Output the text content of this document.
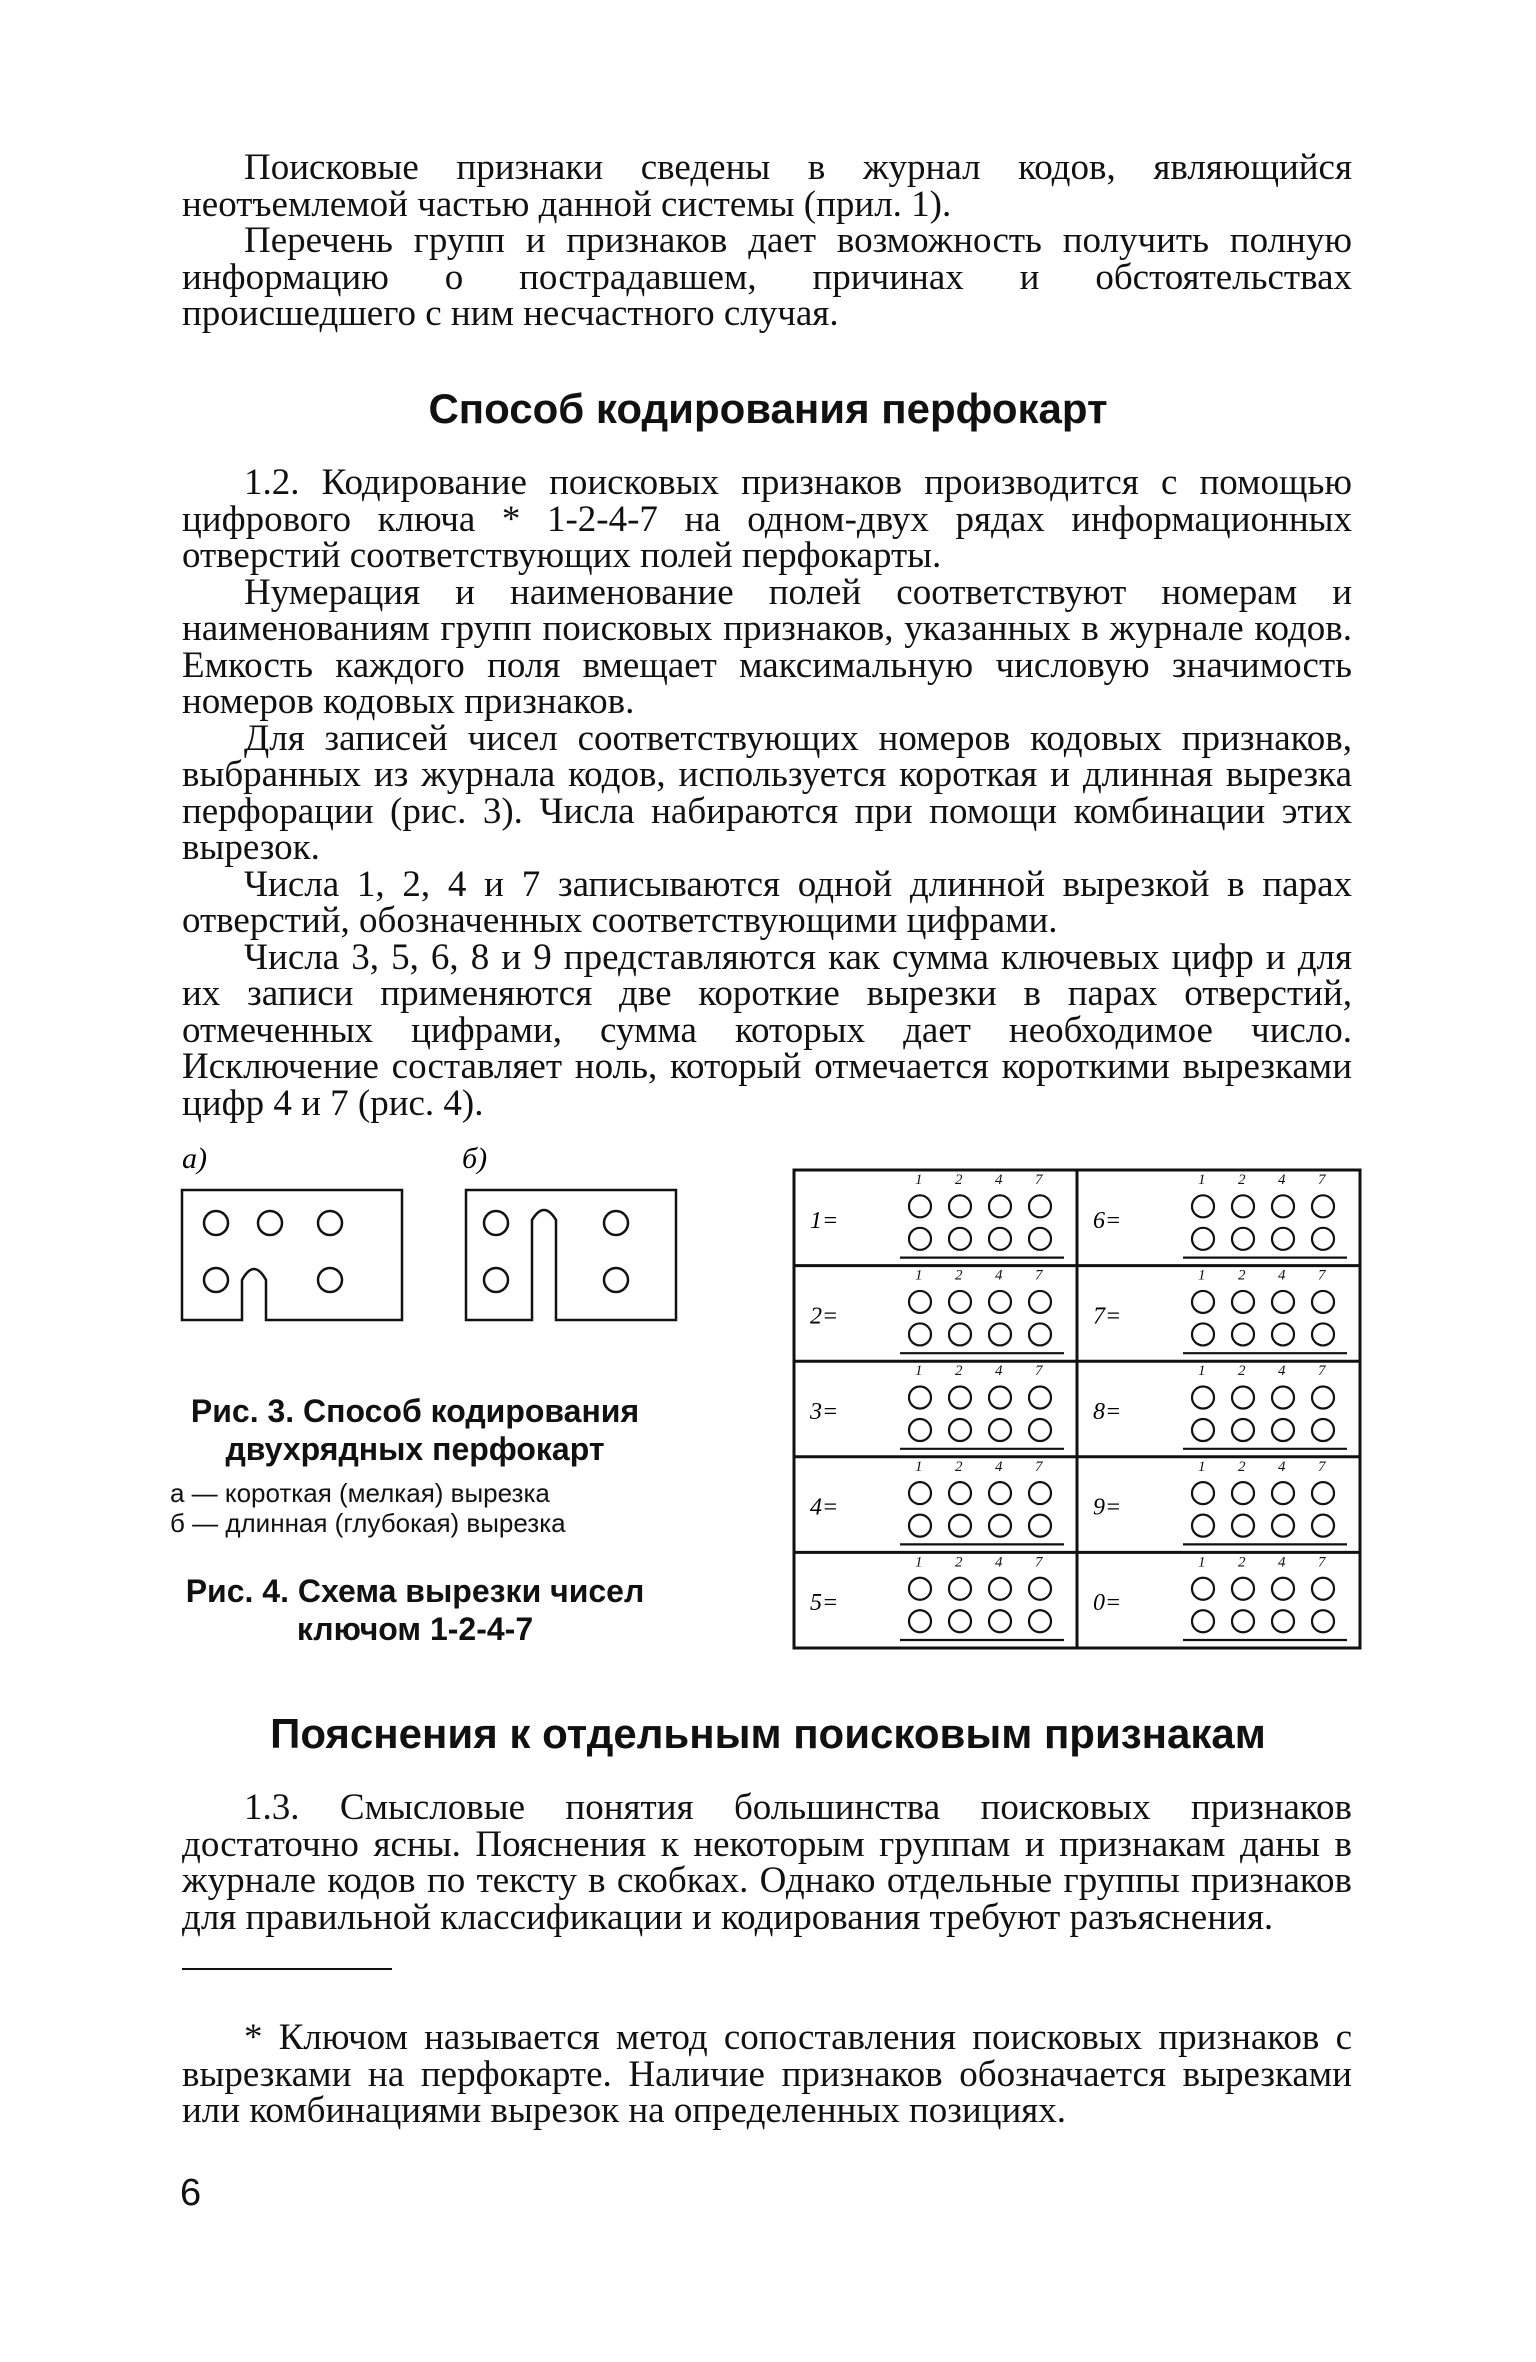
Поисковые признаки сведены в журнал кодов, являющийся неотъемлемой частью данной системы (прил. 1).

Перечень групп и признаков дает возможность получить полную информацию о пострадавшем, причинах и обстоятельствах происшедшего с ним несчастного случая.

Способ кодирования перфокарт

1.2. Кодирование поисковых признаков производится с помощью цифрового ключа * 1-2-4-7 на одном-двух рядах информационных отверстий соответствующих полей перфокарты.

Нумерация и наименование полей соответствуют номерам и наименованиям групп поисковых признаков, указанных в журнале кодов. Емкость каждого поля вмещает максимальную числовую значимость номеров кодовых признаков.

Для записей чисел соответствующих номеров кодовых признаков, выбранных из журнала кодов, используется короткая и длинная вырезка перфорации (рис. 3). Числа набираются при помощи комбинации этих вырезок.

Числа 1, 2, 4 и 7 записываются одной длинной вырезкой в парах отверстий, обозначенных соответствующими цифрами.

Числа 3, 5, 6, 8 и 9 представляются как сумма ключевых цифр и для их записи применяются две короткие вырезки в парах отверстий, отмеченных цифрами, сумма которых дает необходимое число. Исключение составляет ноль, который отмечается короткими вырезками цифр 4 и 7 (рис. 4).

а)	б)
Рис. 3. Способ кодирования двухрядных перфокарт
а — короткая (мелкая) вырезка
б — длинная (глубокая) вырезка
Рис. 4. Схема вырезки чисел ключом 1-2-4-7
1=
1 2 4 7
6=
1 2 4 7
2=
1 2 4 7
7=
1 2 4 7
3=
1 2 4 7
8=
1 2 4 7
4=
1 2 4 7
9=
1 2 4 7
5=
1 2 4 7
0=
1 2 4 7
Пояснения к отдельным поисковым признакам

1.3. Смысловые понятия большинства поисковых признаков достаточно ясны. Пояснения к некоторым группам и признакам даны в журнале кодов по тексту в скобках. Однако отдельные группы признаков для правильной классификации и кодирования требуют разъяснения.

* Ключом называется метод сопоставления поисковых признаков с вырезками на перфокарте. Наличие признаков обозначается вырезками или комбинациями вырезок на определенных позициях.

6
